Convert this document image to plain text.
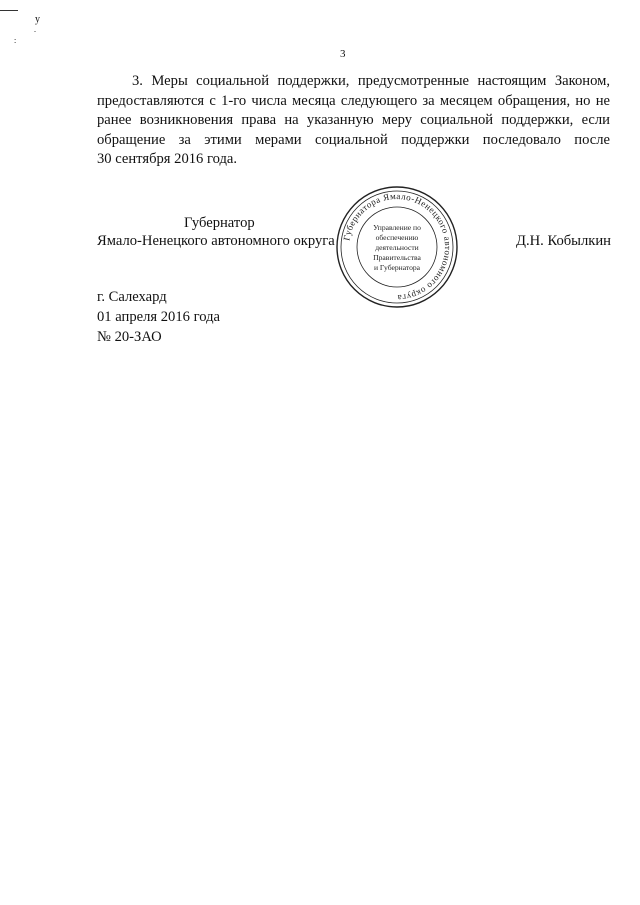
у
.
:
3
3. Меры социальной поддержки, предусмотренные настоящим Законом,
предоставляются с 1-го числа месяца следующего за месяцем обращения, но не
ранее возникновения права на указанную меру социальной поддержки, если
обращение за этими мерами социальной поддержки последовало после
30 сентября 2016 года.
Губернатор
Ямало-Ненецкого автономного округа	Д.Н. Кобылкин
Губернатора Ямало-Ненецкого автономного округа
Управление по
обеспечению
деятельности
Правительства
и Губернатора
г. Салехард
01 апреля 2016 года
№ 20-ЗАО
